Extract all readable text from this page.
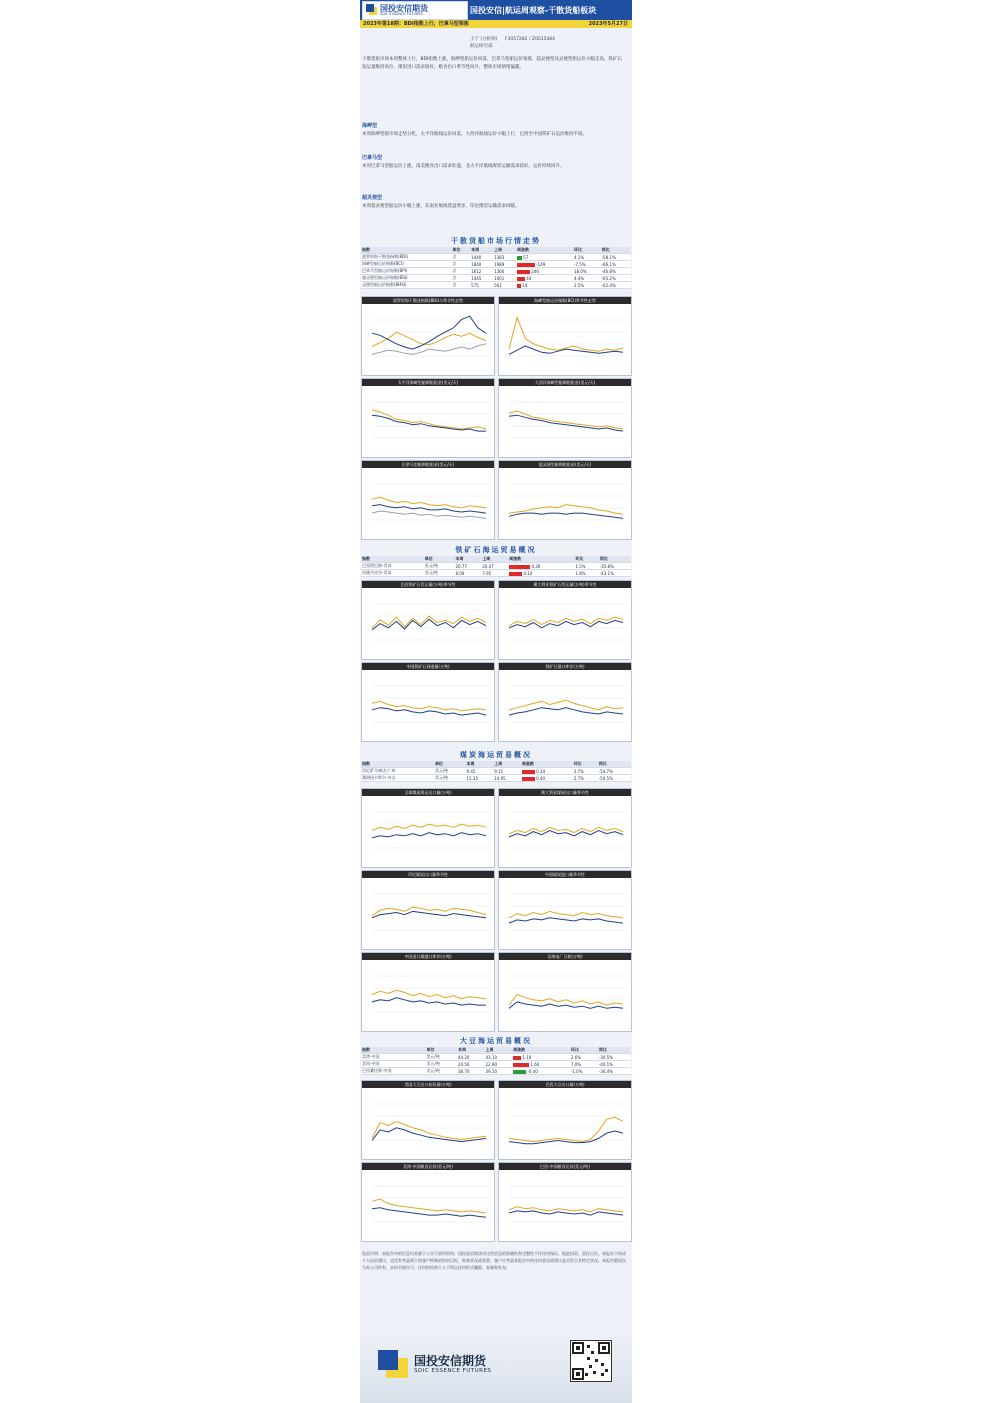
国投安信期货
SDIC ESSENCE FUTURES	国投安信|航运周观察-干散货船板块
2023年第18期：BDI指数上行，巴拿马型领涨	2023年5月27日
王宁 (分析师) F3057282 / Z0015484
航运研究部
干散货船市场本周整体上行，BDI指数上涨，海岬型船运价回落，巴拿马型船运价领涨，超灵便型及灵便型船运价小幅走高。铁矿石发运量维持高位，煤炭进口需求较好，粮食出口季节性回升，整体市场情绪偏暖。
海岬型
本周海岬型船市场走势分化，太平洋航线运价回落，大西洋航线运价小幅上行，巴西至中国铁矿石运价维持平稳。
巴拿马型
本周巴拿马型船运价上涨，南美粮食出口需求旺盛，北太平洋航线煤炭运输需求较好，运价持续回升。
超灵便型
本周超灵便型船运价小幅上涨，东南亚航线货盘增多，印尼煤炭运输需求回暖。
干散货船市场行情走势
指数	单位	本周	上周	周涨跌	环比	同比
波罗的海干散货指数(BDI)	点	1440	1383	57	4.1%	-58.1%
海岬型船运价指数(BCI)	点	1840	1989	-149	-7.5%	-66.1%
巴拿马型船运价指数(BPI)	点	1612	1366	246	18.0%	-46.8%
超灵便型船运价指数(BSI)	点	1045	1001	44	4.4%	-65.2%
灵便型船运价指数(BHSI)	点	575	561	14	2.5%	-62.4%
波罗的海干散货指数(BDI)与季节性走势	海岬型船运价指数(BCI)季节性走势
太平洋海岬型船期租租金(美元/天)	大西洋海岬型船期租租金(美元/天)
巴拿马型船期租租金(美元/天)	超灵便型船期租租金(美元/天)
铁矿石海运贸易概况
指数	单位	本周	上周	周涨跌	环比	同比
巴西图巴朗-青岛	美元/吨	20.77	20.47	0.30	1.5%	-35.8%
西澳丹皮尔-青岛	美元/吨	8.09	7.95	0.14	1.8%	-43.1%
巴西铁矿石发运量(万吨)季节性	澳大利亚铁矿石发运量(万吨)季节性
中国铁矿石到港量(万吨)	铁矿石港口库存(万吨)
煤炭海运贸易概况
指数	单位	本周	上周	周涨跌	环比	同比
印尼萨马林达-广州	美元/吨	9.45	9.11	0.34	3.7%	-54.7%
澳洲纽卡斯尔-舟山	美元/吨	15.35	14.95	0.40	2.7%	-50.5%
全球煤炭海运出口量(万吨)	澳大利亚煤炭出口量季节性
印尼煤炭出口量季节性	中国煤炭进口量季节性
中国进口煤港口库存(万吨)	沿海电厂日耗(万吨)
大豆海运贸易概况
指数	单位	本周	上周	周涨跌	环比	同比
美湾-中国	美元/吨	44.20	43.10	1.10	2.6%	-30.5%
美西-中国	美元/吨	24.50	22.90	1.60	7.0%	-40.1%
巴西桑托斯-中国	美元/吨	38.70	39.10	-0.40	-1.0%	-36.4%
美国大豆出口检验量(万吨)	巴西大豆出口量(万吨)
美湾-中国粮食运价(美元/吨)	巴西-中国粮食运价(美元/吨)
免责声明：本报告中的信息均来源于公开可获得资料，国投安信期货对这些信息的准确性和完整性不作任何保证，据此投资，责任自负。本报告不构成个人投资建议，也没有考虑到个别客户特殊的投资目标、财务状况或需要。客户应考虑本报告中的任何意见或建议是否符合其特定状况。本报告版权仅为本公司所有，未经书面许可，任何机构和个人不得以任何形式翻版、复制和发布。
国投安信期货
SDIC ESSENCE FUTURES
